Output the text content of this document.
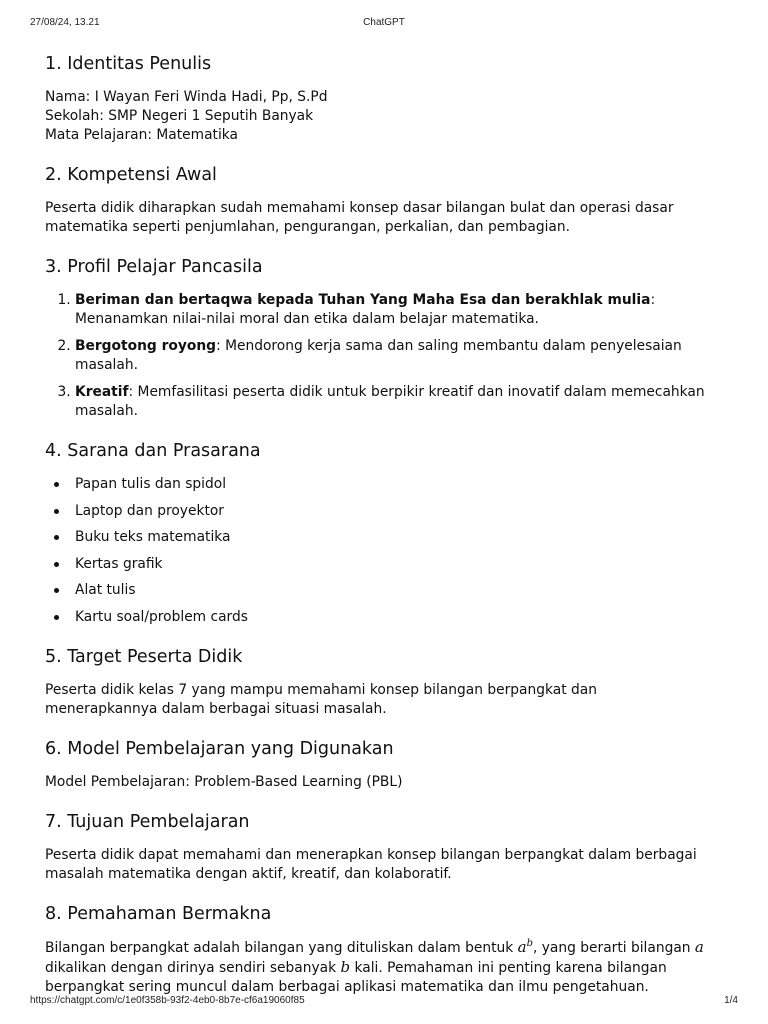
27/08/24, 13.21	ChatGPT
1. Identitas Penulis

Nama: I Wayan Feri Winda Hadi, Pp, S.Pd

Sekolah: SMP Negeri 1 Seputih Banyak

Mata Pelajaran: Matematika

2. Kompetensi Awal

Peserta didik diharapkan sudah memahami konsep dasar bilangan bulat dan operasi dasar matematika seperti penjumlahan, pengurangan, perkalian, dan pembagian.

3. Profil Pelajar Pancasila
1. Beriman dan bertaqwa kepada Tuhan Yang Maha Esa dan berakhlak mulia: Menanamkan nilai-nilai moral dan etika dalam belajar matematika.
2. Bergotong royong: Mendorong kerja sama dan saling membantu dalam penyelesaian masalah.
3. Kreatif: Memfasilitasi peserta didik untuk berpikir kreatif dan inovatif dalam memecahkan masalah.
4. Sarana dan Prasarana
Papan tulis dan spidol
Laptop dan proyektor
Buku teks matematika
Kertas grafik
Alat tulis
Kartu soal/problem cards
5. Target Peserta Didik

Peserta didik kelas 7 yang mampu memahami konsep bilangan berpangkat dan menerapkannya dalam berbagai situasi masalah.

6. Model Pembelajaran yang Digunakan

Model Pembelajaran: Problem-Based Learning (PBL)

7. Tujuan Pembelajaran

Peserta didik dapat memahami dan menerapkan konsep bilangan berpangkat dalam berbagai masalah matematika dengan aktif, kreatif, dan kolaboratif.

8. Pemahaman Bermakna

Bilangan berpangkat adalah bilangan yang dituliskan dalam bentuk $a^b$, yang berarti bilangan a dikalikan dengan dirinya sendiri sebanyak b kali. Pemahaman ini penting karena bilangan berpangkat sering muncul dalam berbagai aplikasi matematika dan ilmu pengetahuan.

https://chatgpt.com/c/1e0f358b-93f2-4eb0-8b7e-cf6a19060f85	1/4
